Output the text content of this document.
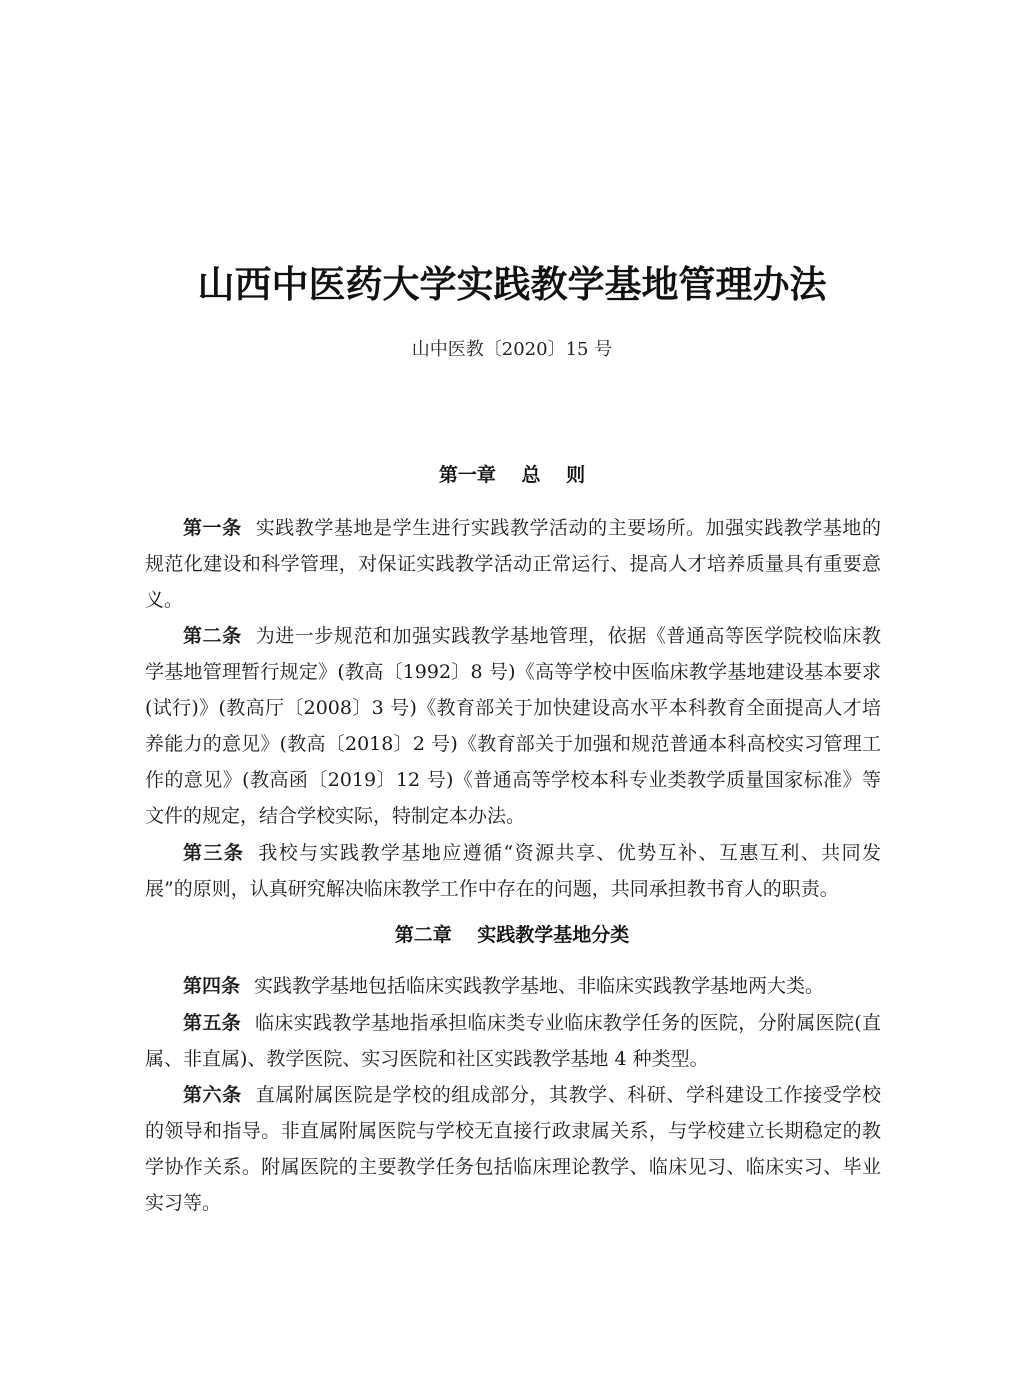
山西中医药大学实践教学基地管理办法
山中医教〔2020〕15 号
第一章　 总　 则

第一条 实践教学基地是学生进行实践教学活动的主要场所。加强实践教学基地的规范化建设和科学管理，对保证实践教学活动正常运行、提高人才培养质量具有重要意义。

第二条 为进一步规范和加强实践教学基地管理，依据《普通高等医学院校临床教学基地管理暂行规定》(教高〔1992〕8 号)《高等学校中医临床教学基地建设基本要求(试行)》(教高厅〔2008〕3 号)《教育部关于加快建设高水平本科教育全面提高人才培养能力的意见》(教高〔2018〕2 号)《教育部关于加强和规范普通本科高校实习管理工作的意见》(教高函〔2019〕12 号)《普通高等学校本科专业类教学质量国家标准》等文件的规定，结合学校实际，特制定本办法。

第三条 我校与实践教学基地应遵循“资源共享、优势互补、互惠互利、共同发展”的原则，认真研究解决临床教学工作中存在的问题，共同承担教书育人的职责。

第二章　 实践教学基地分类

第四条 实践教学基地包括临床实践教学基地、非临床实践教学基地两大类。

第五条 临床实践教学基地指承担临床类专业临床教学任务的医院，分附属医院(直属、非直属)、教学医院、实习医院和社区实践教学基地 4 种类型。

第六条 直属附属医院是学校的组成部分，其教学、科研、学科建设工作接受学校的领导和指导。非直属附属医院与学校无直接行政隶属关系，与学校建立长期稳定的教学协作关系。附属医院的主要教学任务包括临床理论教学、临床见习、临床实习、毕业实习等。
